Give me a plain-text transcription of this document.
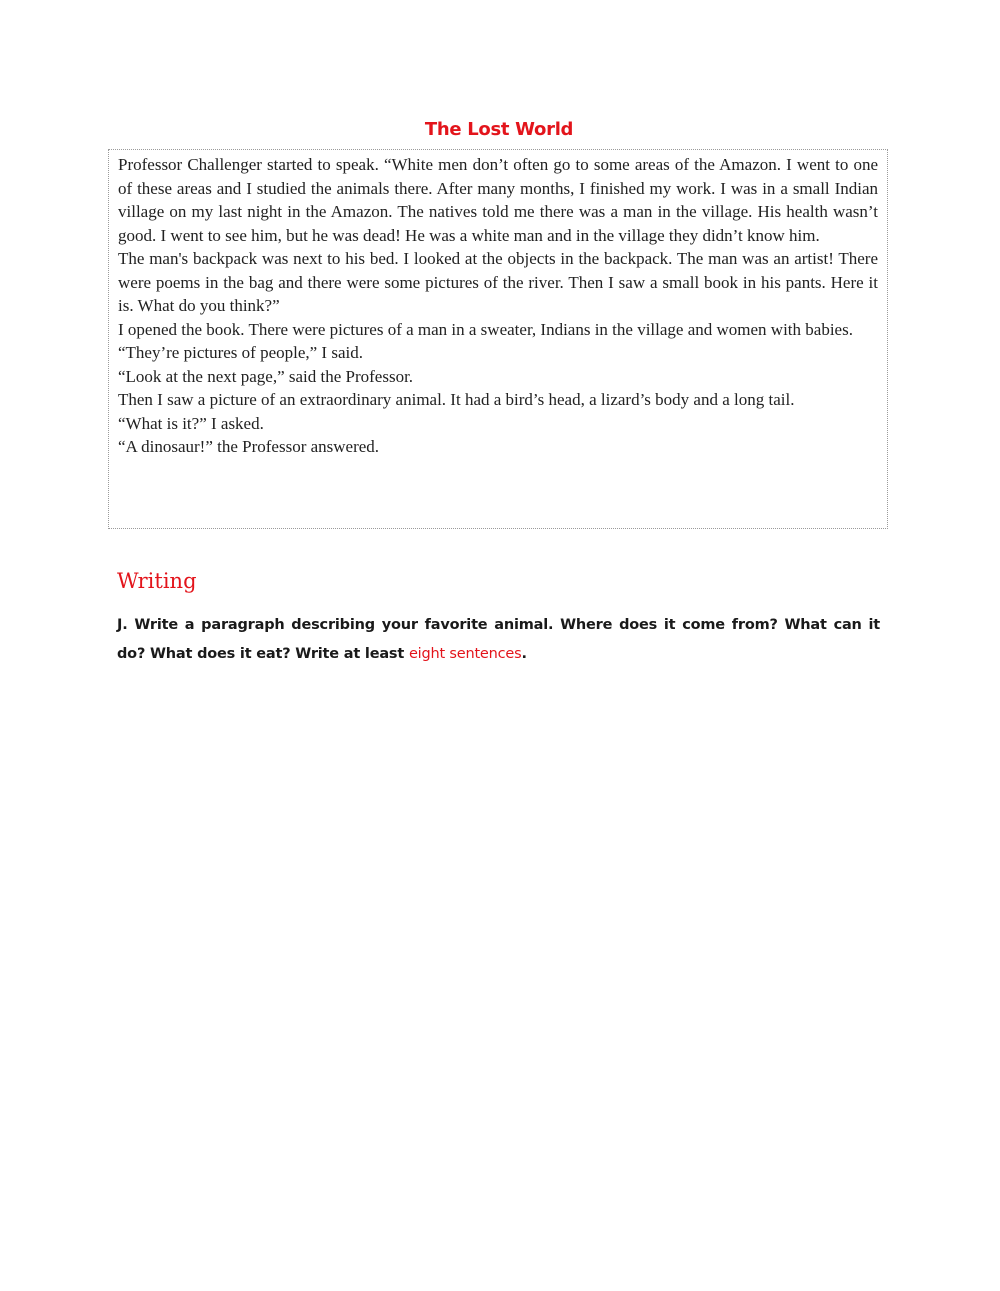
The Lost World

Professor Challenger started to speak. “White men don’t often go to some areas of the Amazon. I went to one of these areas and I studied the animals there. After many months, I finished my work. I was in a small Indian village on my last night in the Amazon. The natives told me there was a man in the village. His health wasn’t good. I went to see him, but he was dead! He was a white man and in the village they didn’t know him.

The man's backpack was next to his bed. I looked at the objects in the backpack. The man was an artist! There were poems in the bag and there were some pictures of the river. Then I saw a small book in his pants. Here it is. What do you think?”

I opened the book. There were pictures of a man in a sweater, Indians in the village and women with babies.

“They’re pictures of people,” I said.

“Look at the next page,” said the Professor.

Then I saw a picture of an extraordinary animal. It had a bird’s head, a lizard’s body and a long tail.

“What is it?” I asked.

“A dinosaur!” the Professor answered.

Writing
J. Write a paragraph describing your favorite animal. Where does it come from? What can it do? What does it eat? Write at least eight sentences.
